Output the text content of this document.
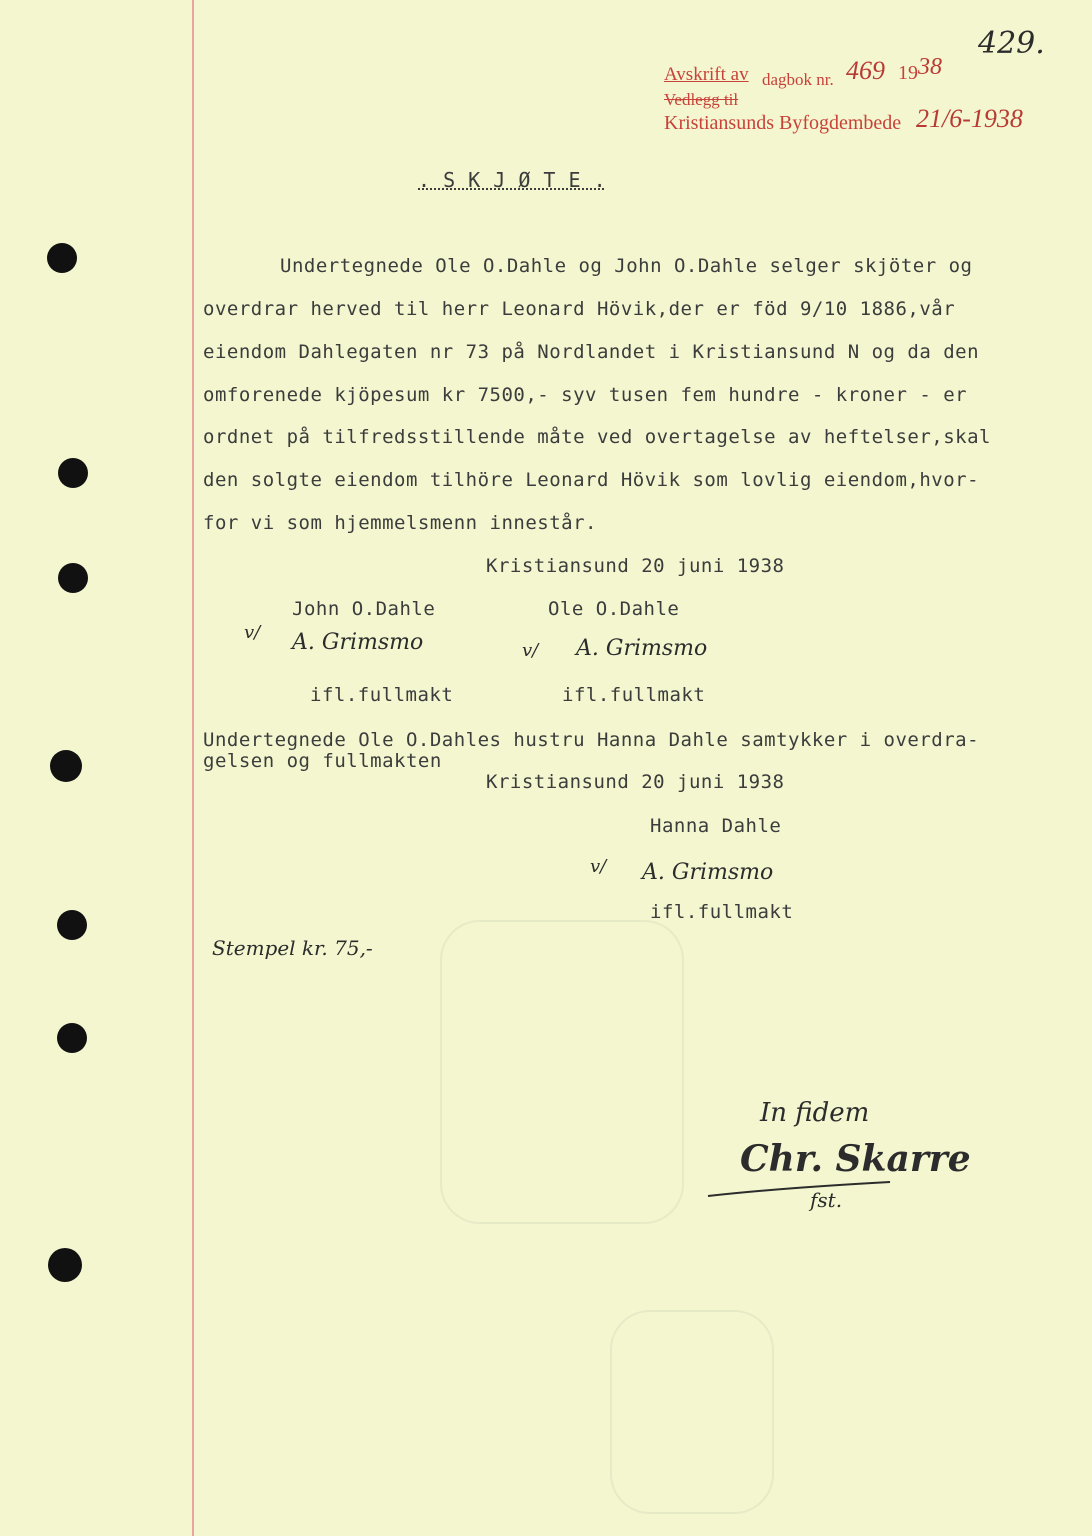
429.
Avskrift av dagbok nr. 469 19 38
Vedlegg til
Kristiansunds Byfogdembede 21/6-1938
. S K J Ø T E .
Undertegnede Ole O.Dahle og John O.Dahle selger skjöter og
overdrar herved til herr Leonard Hövik,der er föd 9/10 1886,vår
eiendom Dahlegaten nr 73 på Nordlandet i Kristiansund N og da den
omforenede kjöpesum kr 7500,- syv tusen fem hundre - kroner - er
ordnet på tilfredsstillende måte ved overtagelse av heftelser,skal
den solgte eiendom tilhöre Leonard Hövik som lovlig eiendom,hvor-
for vi som hjemmelsmenn innestår.
Kristiansund 20 juni 1938
John O.Dahle	Ole O.Dahle
v/ A. Grimsmo	v/ A. Grimsmo
ifl.fullmakt	ifl.fullmakt
Undertegnede Ole O.Dahles hustru Hanna Dahle samtykker i overdra-
gelsen og fullmakten
Kristiansund 20 juni 1938
Hanna Dahle
v/ A. Grimsmo
ifl.fullmakt
Stempel kr. 75,-
In fidem
Chr. Skarre
fst.
